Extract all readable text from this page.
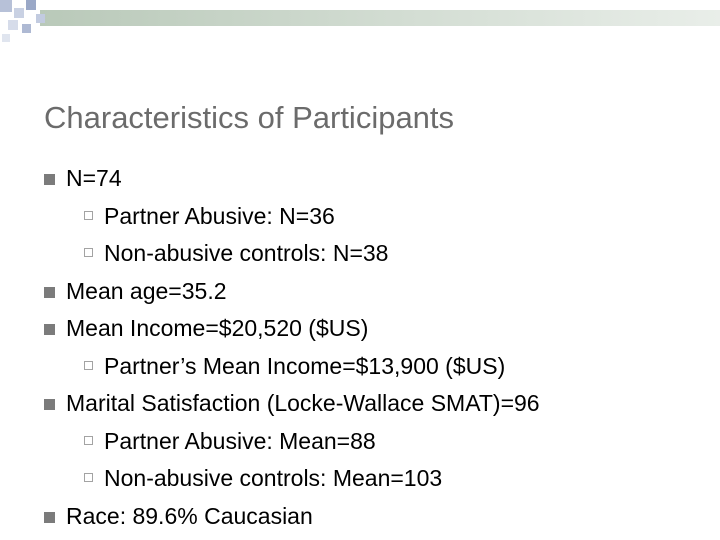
Characteristics of Participants
N=74
Partner Abusive: N=36
Non-abusive controls: N=38
Mean age=35.2
Mean Income=$20,520 ($US)
Partner’s Mean Income=$13,900 ($US)
Marital Satisfaction (Locke-Wallace SMAT)=96
Partner Abusive: Mean=88
Non-abusive controls: Mean=103
Race: 89.6% Caucasian
